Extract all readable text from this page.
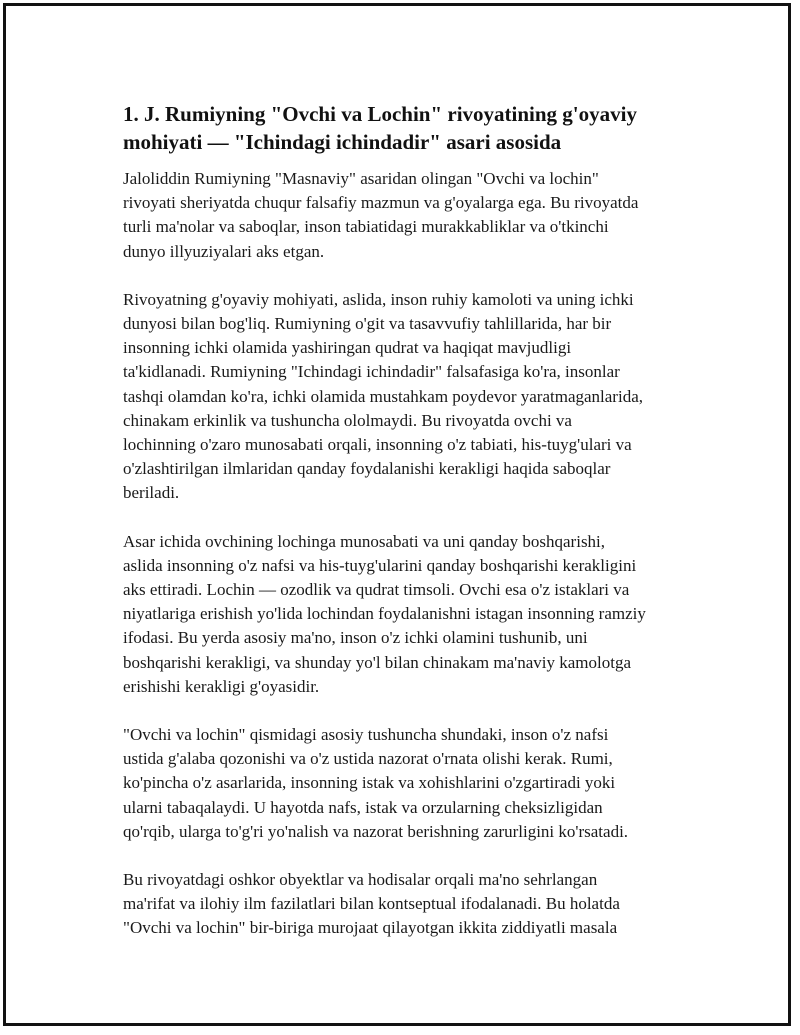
1. J. Rumiyning "Ovchi va Lochin" rivoyatining g'oyaviy mohiyati — "Ichindagi ichindadir" asari asosida

Jaloliddin Rumiyning "Masnaviy" asaridan olingan "Ovchi va lochin"
rivoyati sheriyatda chuqur falsafiy mazmun va g'oyalarga ega. Bu rivoyatda
turli ma'nolar va saboqlar, inson tabiatidagi murakkabliklar va o'tkinchi
dunyo illyuziyalari aks etgan.

Rivoyatning g'oyaviy mohiyati, aslida, inson ruhiy kamoloti va uning ichki
dunyosi bilan bog'liq. Rumiyning o'git va tasavvufiy tahlillarida, har bir
insonning ichki olamida yashiringan qudrat va haqiqat mavjudligi
ta'kidlanadi. Rumiyning "Ichindagi ichindadir" falsafasiga ko'ra, insonlar
tashqi olamdan ko'ra, ichki olamida mustahkam poydevor yaratmaganlarida,
chinakam erkinlik va tushuncha ololmaydi. Bu rivoyatda ovchi va
lochinning o'zaro munosabati orqali, insonning o'z tabiati, his-tuyg'ulari va
o'zlashtirilgan ilmlaridan qanday foydalanishi kerakligi haqida saboqlar
beriladi.

Asar ichida ovchining lochinga munosabati va uni qanday boshqarishi,
aslida insonning o'z nafsi va his-tuyg'ularini qanday boshqarishi kerakligini
aks ettiradi. Lochin — ozodlik va qudrat timsoli. Ovchi esa o'z istaklari va
niyatlariga erishish yo'lida lochindan foydalanishni istagan insonning ramziy
ifodasi. Bu yerda asosiy ma'no, inson o'z ichki olamini tushunib, uni
boshqarishi kerakligi, va shunday yo'l bilan chinakam ma'naviy kamolotga
erishishi kerakligi g'oyasidir.

"Ovchi va lochin" qismidagi asosiy tushuncha shundaki, inson o'z nafsi
ustida g'alaba qozonishi va o'z ustida nazorat o'rnata olishi kerak. Rumi,
ko'pincha o'z asarlarida, insonning istak va xohishlarini o'zgartiradi yoki
ularni tabaqalaydi. U hayotda nafs, istak va orzularning cheksizligidan
qo'rqib, ularga to'g'ri yo'nalish va nazorat berishning zarurligini ko'rsatadi.

Bu rivoyatdagi oshkor obyektlar va hodisalar orqali ma'no sehrlangan
ma'rifat va ilohiy ilm fazilatlari bilan kontseptual ifodalanadi. Bu holatda
"Ovchi va lochin" bir-biriga murojaat qilayotgan ikkita ziddiyatli masala
